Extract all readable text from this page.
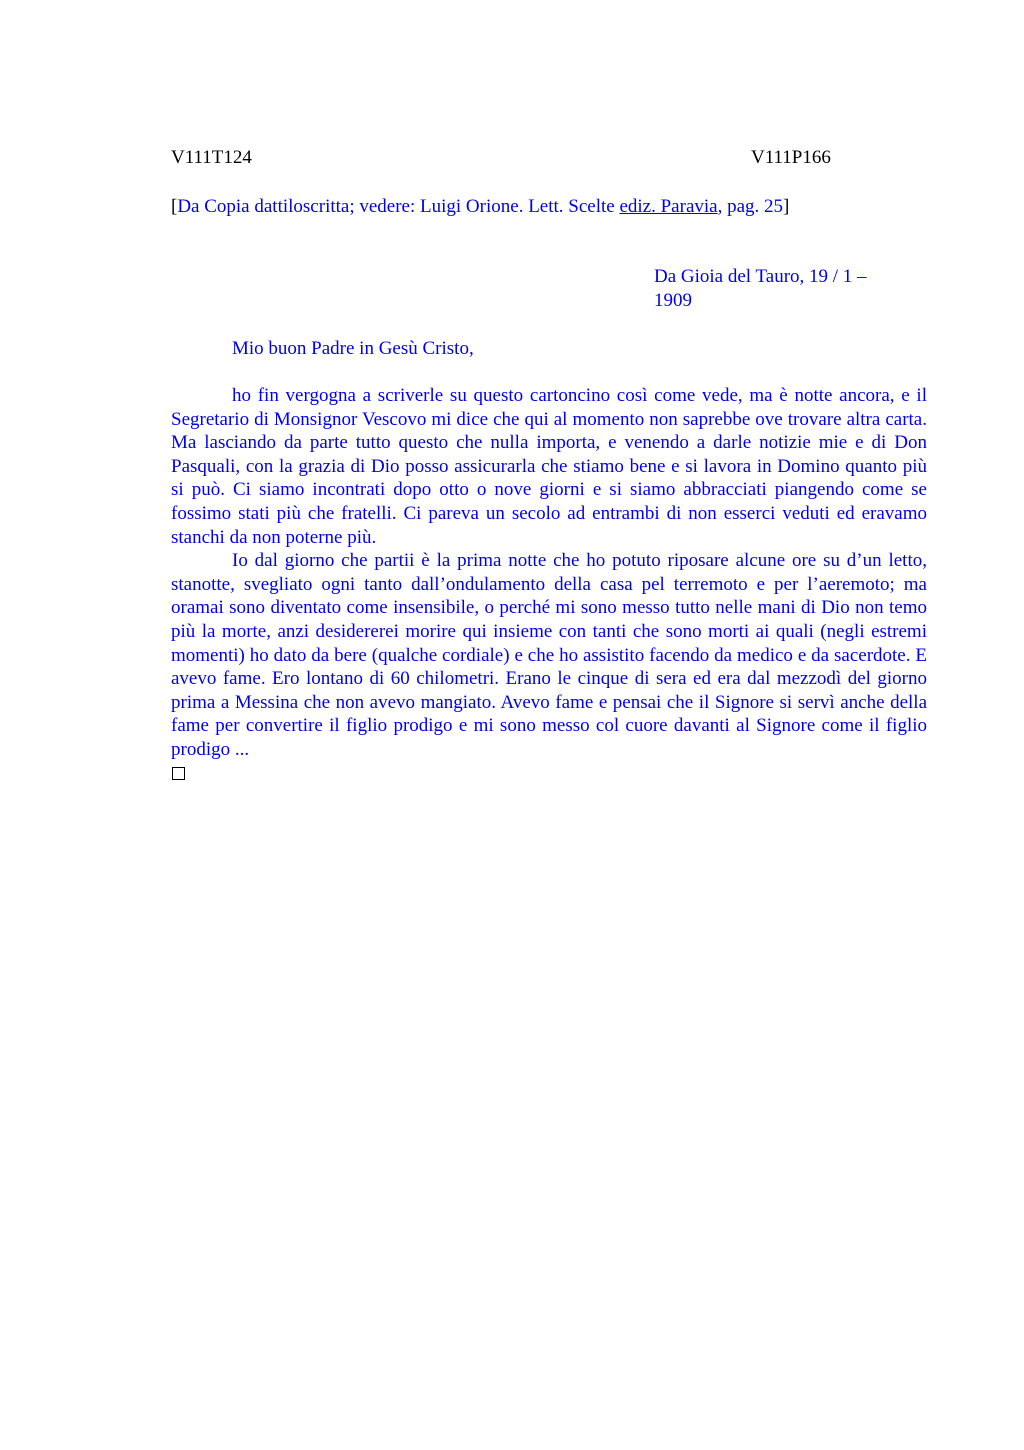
V111T124	V111P166
[Da Copia dattiloscritta; vedere: Luigi Orione. Lett. Scelte ediz. Paravia, pag. 25]
Da Gioia del Tauro, 19 / 1 – 1909
Mio buon Padre in Gesù Cristo,

ho fin vergogna a scriverle su questo cartoncino così come vede, ma è notte ancora, e il Segretario di Monsignor Vescovo mi dice che qui al momento non saprebbe ove trovare altra carta. Ma lasciando da parte tutto questo che nulla importa, e venendo a darle notizie mie e di Don Pasquali, con la grazia di Dio posso assicurarla che stiamo bene e si lavora in Domino quanto più si può. Ci siamo incontrati dopo otto o nove giorni e si siamo abbracciati piangendo come se fossimo stati più che fratelli. Ci pareva un secolo ad entrambi di non esserci veduti ed eravamo stanchi da non poterne più.

Io dal giorno che partii è la prima notte che ho potuto riposare alcune ore su d’un letto, stanotte, svegliato ogni tanto dall’ondulamento della casa pel terremoto e per l’aeremoto; ma oramai sono diventato come insensibile, o perché mi sono messo tutto nelle mani di Dio non temo più la morte, anzi desidererei morire qui insieme con tanti che sono morti ai quali (negli estremi momenti) ho dato da bere (qualche cordiale) e che ho assistito facendo da medico e da sacerdote. E avevo fame. Ero lontano di 60 chilometri. Erano le cinque di sera ed era dal mezzodì del giorno prima a Messina che non avevo mangiato. Avevo fame e pensai che il Signore si servì anche della fame per convertire il figlio prodigo e mi sono messo col cuore davanti al Signore come il figlio prodigo ...
